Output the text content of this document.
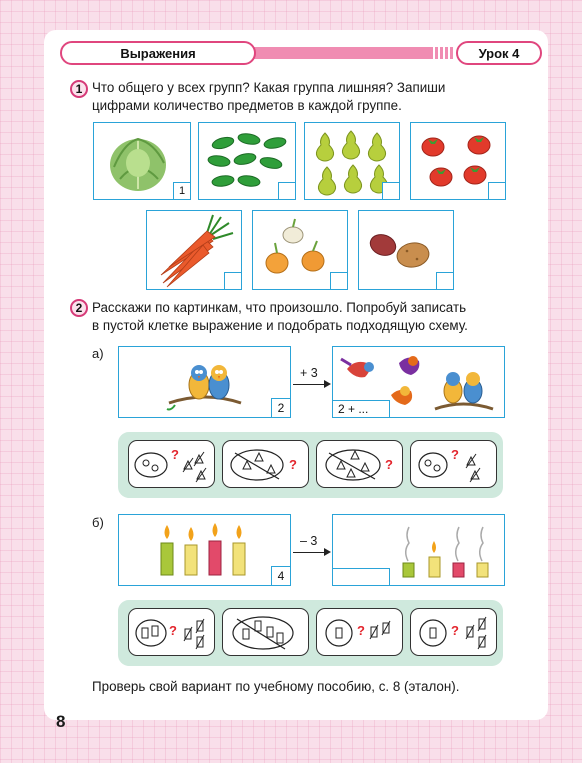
Выражения	Урок 4
1 Что общего у всех групп? Какая группа лишняя? Запиши
цифрами количество предметов в каждой группе.
1
2 Расскажи по картинкам, что произошло. Попробуй записать
в пустой клетке выражение и подобрать подходящую схему.
а)
2
+ 3
2 + ...
?
?	?
?
б)
4
– 3
?	?	?
Проверь свой вариант по учебному пособию, с. 8 (эталон).
8
